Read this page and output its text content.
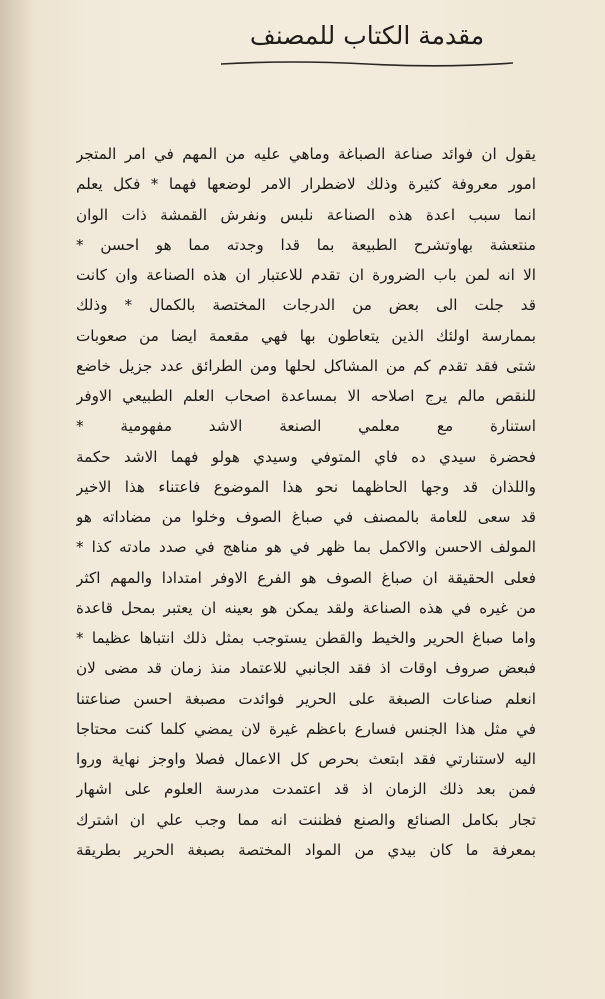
مقدمة الكتاب للمصنف
يقول ان فوائد صناعة الصباغة وماهي عليه من المهم في امر المتجر
امور معروفة كثيرة وذلك لاضطرار الامر لوضعها فهما * فكل يعلم
انما سبب اعدة هذه الصناعة نلبس ونفرش القمشة ذات الوان
منتعشة بهاوتشرح الطبيعة بما قدا وجدته مما هو احسن *
الا انه لمن باب الضرورة ان تقدم للاعتبار ان هذه الصناعة وان كانت
قد جلت الى بعض من الدرجات المختصة بالكمال * وذلك
بممارسة اولئك الذين يتعاطون بها فهي مقعمة ايضا من صعوبات
شتى فقد تقدم كم من المشاكل لحلها ومن الطرائق عدد جزيل خاضع
للنقص مالم يرج اصلاحه الا بمساعدة اصحاب العلم الطبيعي الاوفر
استنارة مع معلمي الصنعة الاشد مفهومية *
فحضرة سيدي ده فاي المتوفي وسيدي هولو فهما الاشد حكمة
واللذان قد وجها الحاظهما نحو هذا الموضوع فاعتناء هذا الاخير
قد سعى للعامة بالمصنف في صباغ الصوف وخلوا من مضاداته هو
المولف الاحسن والاكمل بما ظهر في هو مناهج في صدد مادته كذا *
فعلى الحقيقة ان صباغ الصوف هو الفرع الاوفر امتدادا والمهم اكثر
من غيره في هذه الصناعة ولقد يمكن هو بعينه ان يعتبر بمحل قاعدة
واما صباغ الحرير والخيط والقطن يستوجب بمثل ذلك انتباها عظيما *
فبعض صروف اوقات اذ فقد الجانبي للاعتماد منذ زمان قد مضى لان
انعلم صناعات الصبغة على الحرير فوائدت مصبغة احسن صناعتنا
في مثل هذا الجنس فسارع باعظم غيرة لان يمضي كلما كنت محتاجا
اليه لاستنارتي فقد ابتعث بحرص كل الاعمال فصلا واوجز نهاية وروا
فمن بعد ذلك الزمان اذ قد اعتمدت مدرسة العلوم على اشهار
تجار بكامل الصنائع والصنع فظننت انه مما وجب علي ان اشترك
بمعرفة ما كان بيدي من المواد المختصة بصبغة الحرير بطريقة
